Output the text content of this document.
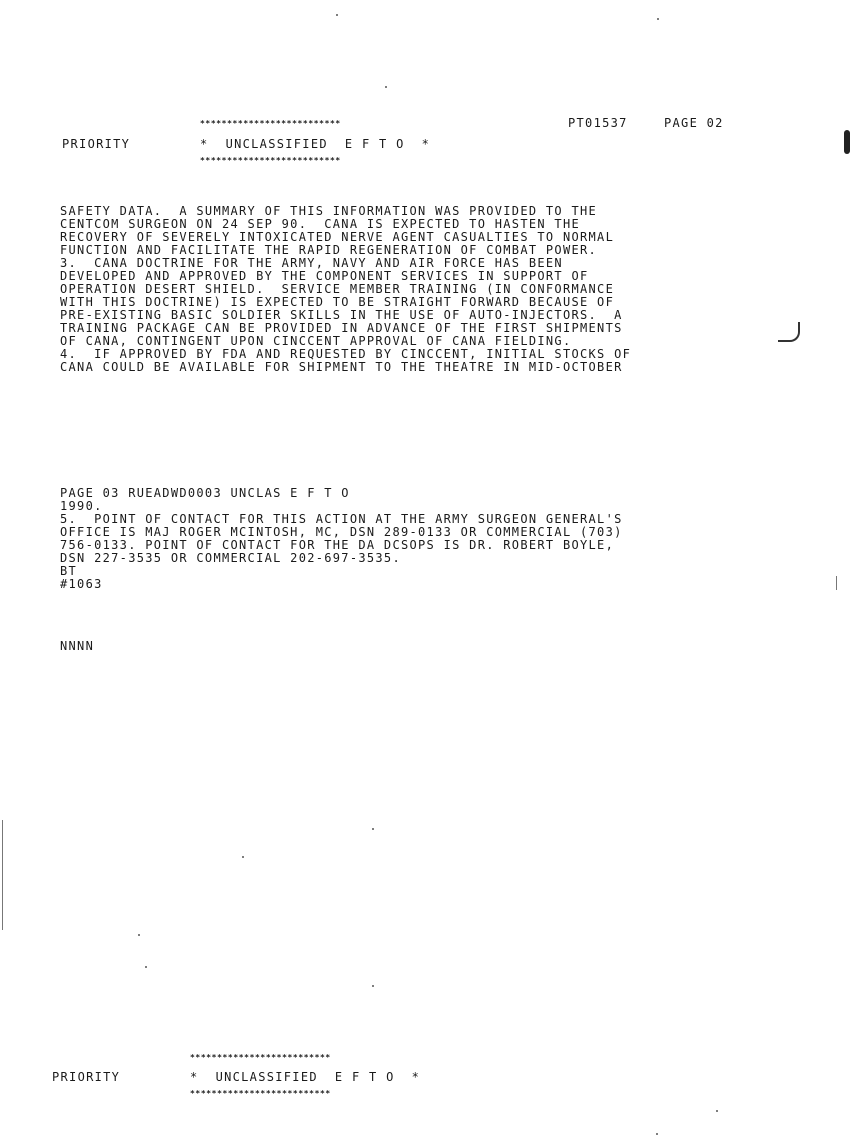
**************************
PRIORITY	*  UNCLASSIFIED  E F T O  *
**************************
PT01537	PAGE 02
SAFETY DATA.  A SUMMARY OF THIS INFORMATION WAS PROVIDED TO THE
CENTCOM SURGEON ON 24 SEP 90.  CANA IS EXPECTED TO HASTEN THE
RECOVERY OF SEVERELY INTOXICATED NERVE AGENT CASUALTIES TO NORMAL
FUNCTION AND FACILITATE THE RAPID REGENERATION OF COMBAT POWER.
3.  CANA DOCTRINE FOR THE ARMY, NAVY AND AIR FORCE HAS BEEN
DEVELOPED AND APPROVED BY THE COMPONENT SERVICES IN SUPPORT OF
OPERATION DESERT SHIELD.  SERVICE MEMBER TRAINING (IN CONFORMANCE
WITH THIS DOCTRINE) IS EXPECTED TO BE STRAIGHT FORWARD BECAUSE OF
PRE-EXISTING BASIC SOLDIER SKILLS IN THE USE OF AUTO-INJECTORS.  A
TRAINING PACKAGE CAN BE PROVIDED IN ADVANCE OF THE FIRST SHIPMENTS
OF CANA, CONTINGENT UPON CINCCENT APPROVAL OF CANA FIELDING.
4.  IF APPROVED BY FDA AND REQUESTED BY CINCCENT, INITIAL STOCKS OF
CANA COULD BE AVAILABLE FOR SHIPMENT TO THE THEATRE IN MID-OCTOBER
PAGE 03 RUEADWD0003 UNCLAS E F T O
1990.
5.  POINT OF CONTACT FOR THIS ACTION AT THE ARMY SURGEON GENERAL'S
OFFICE IS MAJ ROGER MCINTOSH, MC, DSN 289-0133 OR COMMERCIAL (703)
756-0133. POINT OF CONTACT FOR THE DA DCSOPS IS DR. ROBERT BOYLE,
DSN 227-3535 OR COMMERCIAL 202-697-3535.
BT
#1063
NNNN
**************************
PRIORITY	*  UNCLASSIFIED  E F T O  *
**************************
